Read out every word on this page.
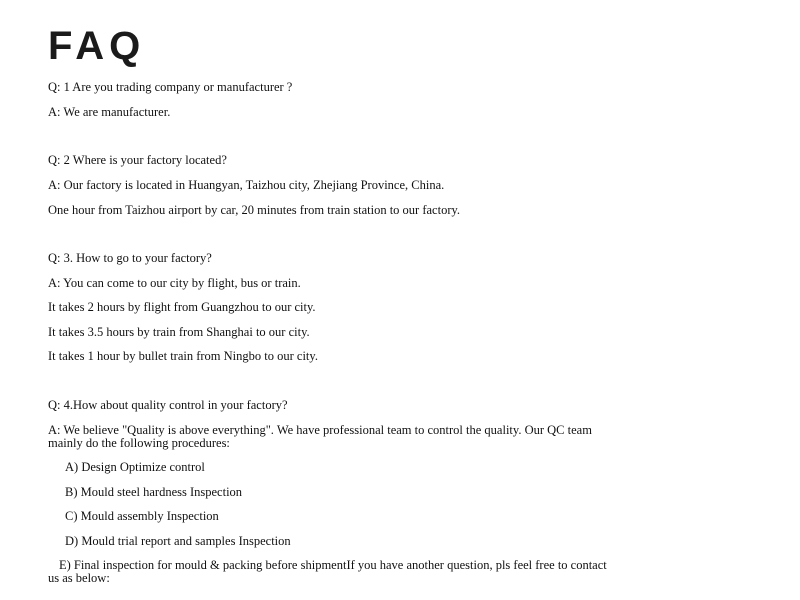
FAQ

Q: 1 Are you trading company or manufacturer ?

A: We are manufacturer.

Q: 2 Where is your factory located?

A: Our factory is located in Huangyan, Taizhou city, Zhejiang Province, China.

One hour from Taizhou airport by car, 20 minutes from train station to our factory.

Q: 3. How to go to your factory?

A: You can come to our city by flight, bus or train.

It takes 2 hours by flight from Guangzhou to our city.

It takes 3.5 hours by train from Shanghai to our city.

It takes 1 hour by bullet train from Ningbo to our city.

Q: 4.How about quality control in your factory?

A: We believe "Quality is above everything". We have professional team to control the quality. Our QC team mainly do the following procedures:

A) Design Optimize control

B) Mould steel hardness Inspection

C) Mould assembly Inspection

D) Mould trial report and samples Inspection

E) Final inspection for mould & packing before shipmentIf you have another question, pls feel free to contact us as below:
